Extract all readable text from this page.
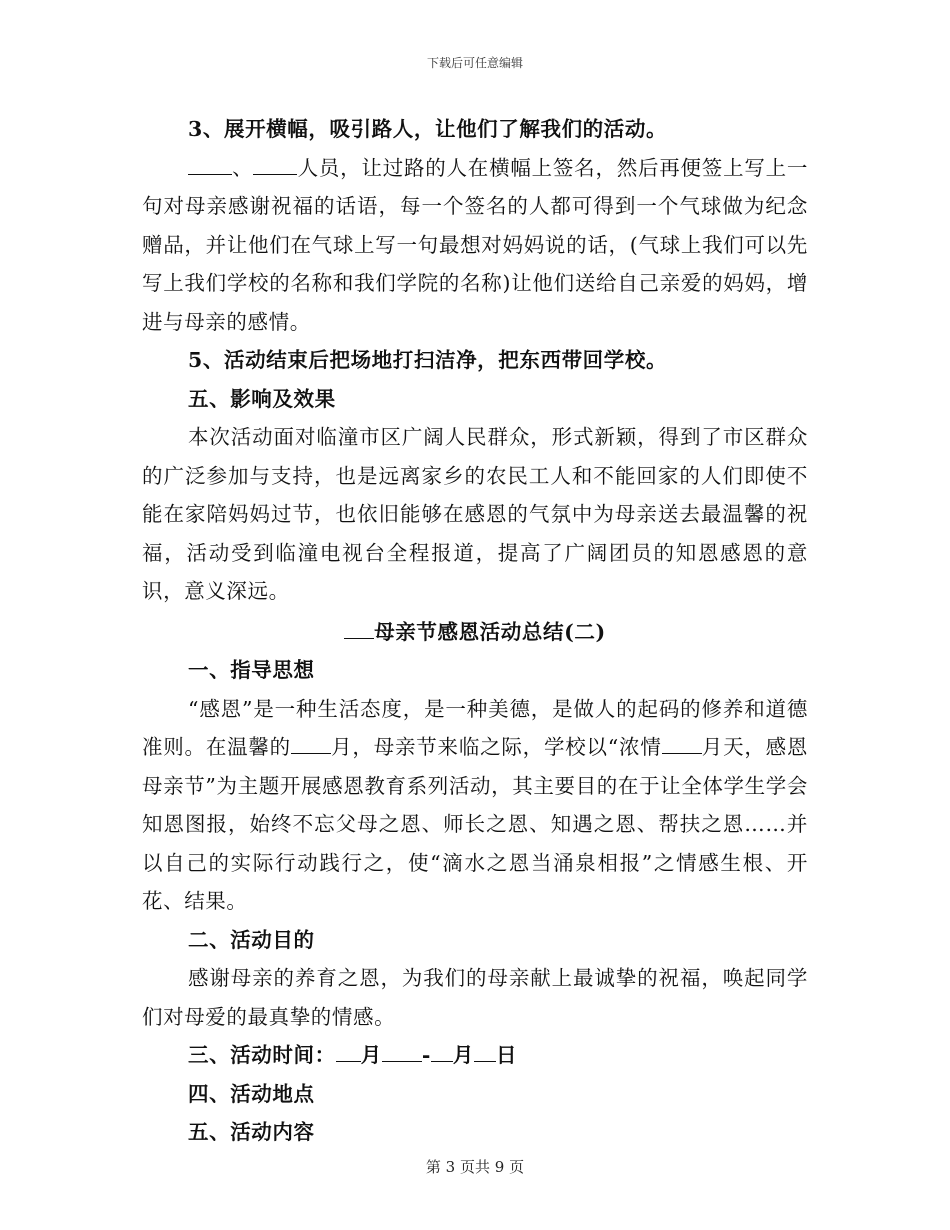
下载后可任意编辑

3、展开横幅，吸引路人，让他们了解我们的活动。

、 人员，让过路的人在横幅上签名，然后再便签上写上一句对母亲感谢祝福的话语，每一个签名的人都可得到一个气球做为纪念赠品，并让他们在气球上写一句最想对妈妈说的话，(气球上我们可以先写上我们学校的名称和我们学院的名称)让他们送给自己亲爱的妈妈，增进与母亲的感情。

5、活动结束后把场地打扫洁净，把东西带回学校。

五、影响及效果

本次活动面对临潼市区广阔人民群众，形式新颖，得到了市区群众的广泛参加与支持，也是远离家乡的农民工人和不能回家的人们即使不能在家陪妈妈过节，也依旧能够在感恩的气氛中为母亲送去最温馨的祝福，活动受到临潼电视台全程报道，提高了广阔团员的知恩感恩的意识，意义深远。

母亲节感恩活动总结(二)

一、指导思想

“感恩”是一种生活态度，是一种美德，是做人的起码的修养和道德准则。在温馨的 月，母亲节来临之际，学校以“浓情 月天，感恩母亲节”为主题开展感恩教育系列活动，其主要目的在于让全体学生学会知恩图报，始终不忘父母之恩、师长之恩、知遇之恩、帮扶之恩……并以自己的实际行动践行之，使“滴水之恩当涌泉相报”之情感生根、开花、结果。

二、活动目的

感谢母亲的养育之恩，为我们的母亲献上最诚挚的祝福，唤起同学们对母爱的最真挚的情感。

三、活动时间： 月 - 月 日

四、活动地点

五、活动内容

第 3 页共 9 页
